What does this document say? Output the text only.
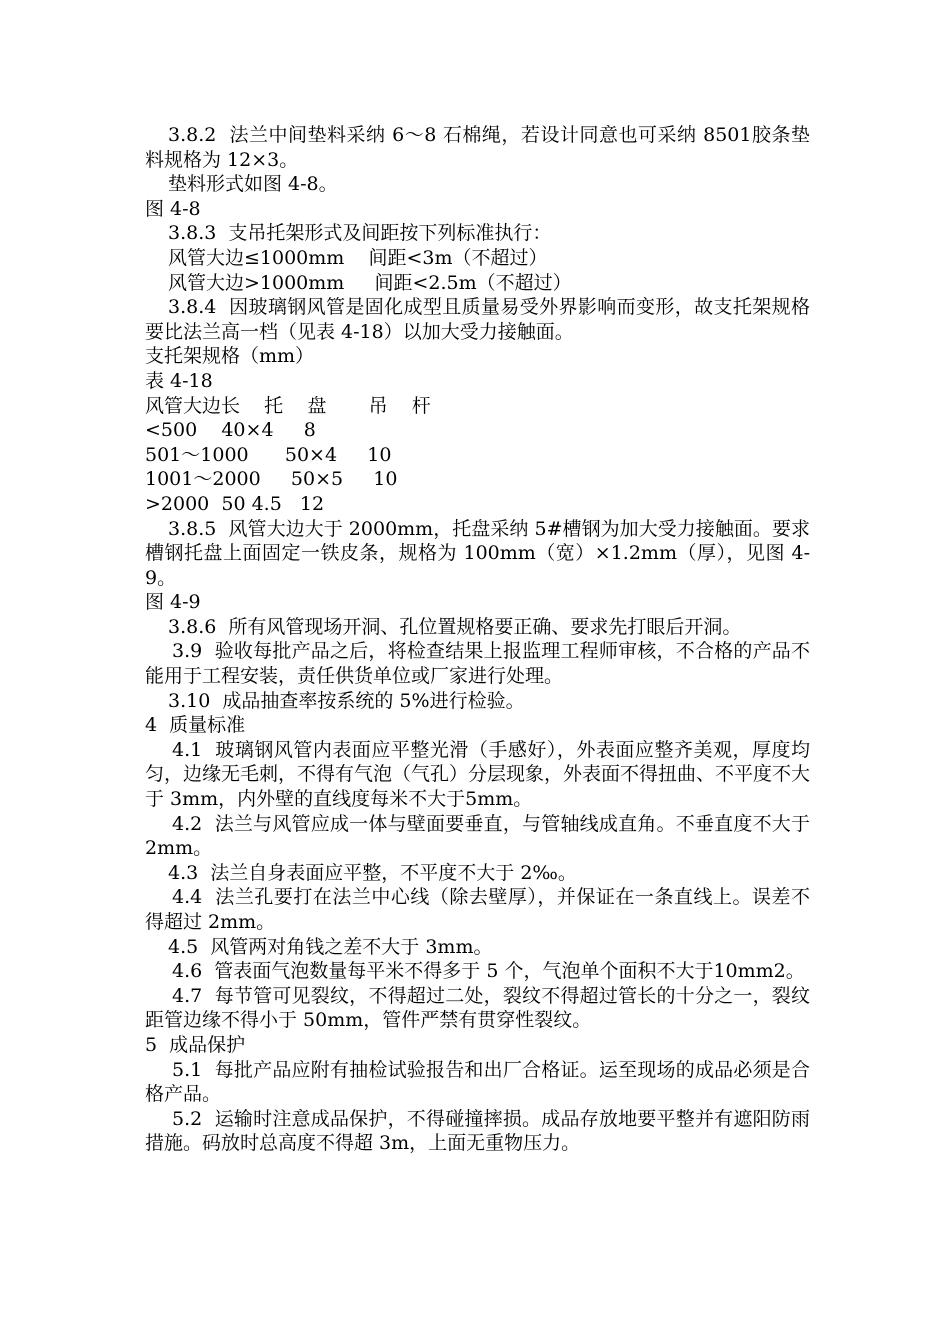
3.8.2  法兰中间垫料采纳 6～8 石棉绳，若设计同意也可采纳 8501胶条垫料规格为 12×3。

垫料形式如图 4-8。

图 4-8

3.8.3  支吊托架形式及间距按下列标准执行：

风管大边≤1000mm    间距<3m（不超过）

风管大边>1000mm     间距<2.5m（不超过）

3.8.4  因玻璃钢风管是固化成型且质量易受外界影响而变形，故支托架规格要比法兰高一档（见表 4-18）以加大受力接触面。

支托架规格（mm）

表 4-18

风管大边长    托    盘       吊    杆

<500    40×4     8

501～1000      50×4     10

1001～2000     50×5     10

>2000  50 4.5   12

3.8.5  风管大边大于 2000mm，托盘采纳 5#槽钢为加大受力接触面。要求槽钢托盘上面固定一铁皮条，规格为 100mm（宽）×1.2mm（厚），见图 4-9。

图 4-9

3.8.6  所有风管现场开洞、孔位置规格要正确、要求先打眼后开洞。

3.9  验收每批产品之后，将检查结果上报监理工程师审核，不合格的产品不能用于工程安装，责任供货单位或厂家进行处理。

3.10  成品抽查率按系统的 5%进行检验。

4  质量标准

4.1  玻璃钢风管内表面应平整光滑（手感好），外表面应整齐美观，厚度均匀，边缘无毛刺，不得有气泡（气孔）分层现象，外表面不得扭曲、不平度不大于 3mm，内外壁的直线度每米不大于5mm。

4.2  法兰与风管应成一体与壁面要垂直，与管轴线成直角。不垂直度不大于 2mm。

4.3  法兰自身表面应平整，不平度不大于 2‰。

4.4  法兰孔要打在法兰中心线（除去壁厚），并保证在一条直线上。误差不得超过 2mm。

4.5  风管两对角钱之差不大于 3mm。

4.6  管表面气泡数量每平米不得多于 5 个，气泡单个面积不大于10mm2。

4.7  每节管可见裂纹，不得超过二处，裂纹不得超过管长的十分之一，裂纹距管边缘不得小于 50mm，管件严禁有贯穿性裂纹。

5  成品保护

5.1  每批产品应附有抽检试验报告和出厂合格证。运至现场的成品必须是合格产品。

5.2  运输时注意成品保护，不得碰撞摔损。成品存放地要平整并有遮阳防雨措施。码放时总高度不得超 3m，上面无重物压力。
